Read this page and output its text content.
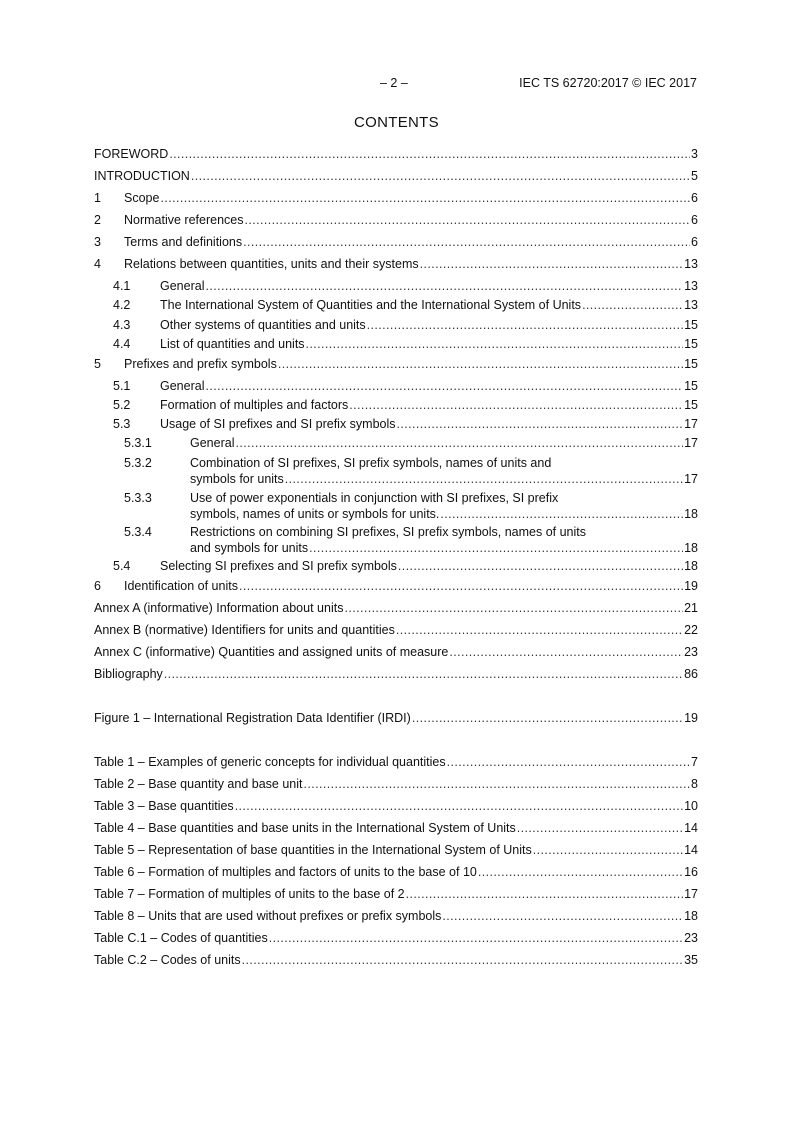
– 2 –	IEC TS 62720:2017 © IEC 2017
CONTENTS
FOREWORD .....	3
INTRODUCTION .....	5
1 Scope .....	6
2 Normative references .....	6
3 Terms and definitions .....	6
4 Relations between quantities, units and their systems .....	13
4.1 General .....	13
4.2 The International System of Quantities and the International System of Units .....	13
4.3 Other systems of quantities and units .....	15
4.4 List of quantities and units .....	15
5 Prefixes and prefix symbols .....	15
5.1 General .....	15
5.2 Formation of multiples and factors .....	15
5.3 Usage of SI prefixes and SI prefix symbols .....	17
5.3.1	General .....	17
5.3.2	Combination of SI prefixes, SI prefix symbols, names of units and
symbols for units .....	17
5.3.3	Use of power exponentials in conjunction with SI prefixes, SI prefix
symbols, names of units or symbols for units. .....	18
5.3.4	Restrictions on combining SI prefixes, SI prefix symbols, names of units
and symbols for units .....	18
5.4 Selecting SI prefixes and SI prefix symbols .....	18
6 Identification of units .....	19
Annex A (informative) Information about units .....	21
Annex B (normative) Identifiers for units and quantities .....	22
Annex C (informative) Quantities and assigned units of measure .....	23
Bibliography .....	86
Figure 1 – International Registration Data Identifier (IRDI) .....	19
Table 1 – Examples of generic concepts for individual quantities .....	7
Table 2 – Base quantity and base unit .....	8
Table 3 – Base quantities .....	10
Table 4 – Base quantities and base units in the International System of Units .....	14
Table 5 – Representation of base quantities in the International System of Units .....	14
Table 6 – Formation of multiples and factors of units to the base of 10 .....	16
Table 7 – Formation of multiples of units to the base of 2 .....	17
Table 8 – Units that are used without prefixes or prefix symbols .....	18
Table C.1 – Codes of quantities .....	23
Table C.2 – Codes of units .....	35
